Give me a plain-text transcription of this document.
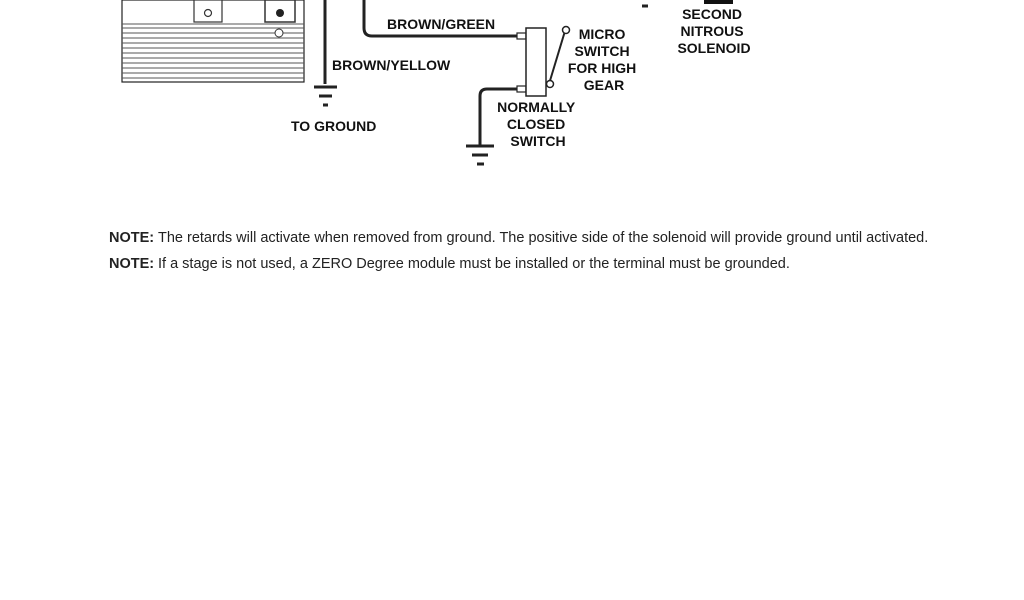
BROWN/GREEN
BROWN/YELLOW
TO GROUND
MICRO SWITCH FOR HIGH GEAR
NORMALLY CLOSED SWITCH
SECOND NITROUS SOLENOID
NOTE: The retards will activate when removed from ground. The positive side of the solenoid will provide ground until activated.
NOTE: If a stage is not used, a ZERO Degree module must be installed or the terminal must be grounded.
